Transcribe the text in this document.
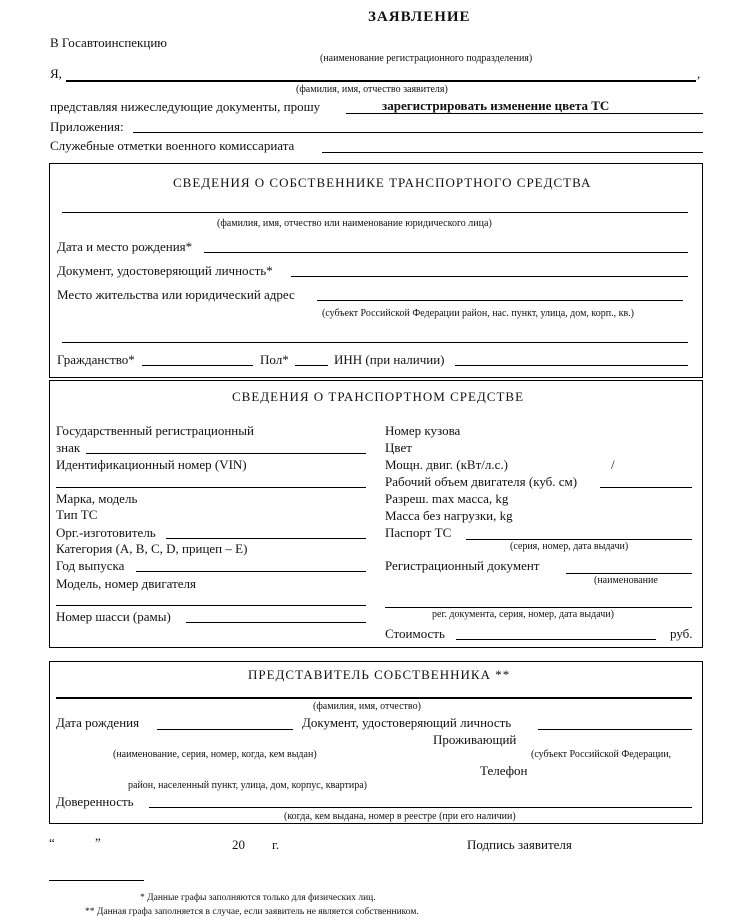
ЗАЯВЛЕНИЕ
В Госавтоинспекцию
(наименование регистрационного подразделения)
Я,	,
(фамилия, имя, отчество заявителя)
представляя нижеследующие документы, прошу	зарегистрировать изменение цвета ТС
Приложения:
Служебные отметки военного комиссариата
СВЕДЕНИЯ О СОБСТВЕННИКЕ ТРАНСПОРТНОГО СРЕДСТВА
(фамилия, имя, отчество или наименование юридического лица)
Дата и место рождения*
Документ, удостоверяющий личность*
Место жительства или юридический адрес
(субъект Российской Федерации район, нас. пункт, улица, дом, корп., кв.)
Гражданство*	Пол*	ИНН (при наличии)
СВЕДЕНИЯ О ТРАНСПОРТНОМ СРЕДСТВЕ
Государственный регистрационный
знак
Идентификационный номер (VIN)
Марка, модель
Тип ТС
Орг.-изготовитель
Категория (A, B, C, D, прицеп – E)
Год выпуска
Модель, номер двигателя
Номер шасси (рамы)
Номер кузова
Цвет
Мощн. двиг. (кВт/л.с.)	/
Рабочий объем двигателя (куб. см)
Разреш. max масса, kg
Масса без нагрузки, kg
Паспорт ТС
(серия, номер, дата выдачи)
Регистрационный документ
(наименование
рег. документа, серия, номер, дата выдачи)
Стоимость	руб.
ПРЕДСТАВИТЕЛЬ СОБСТВЕННИКА **
(фамилия, имя, отчество)
Дата рождения	Документ, удостоверяющий личность
Проживающий
(наименование, серия, номер, когда, кем выдан)	(субъект Российской Федерации,
Телефон
район, населенный пункт, улица, дом, корпус, квартира)
Доверенность
(когда, кем выдана, номер в реестре (при его наличии)
“	”	20 г.	Подпись заявителя
* Данные графы заполняются только для физических лиц.
** Данная графа заполняется в случае, если заявитель не является собственником.
